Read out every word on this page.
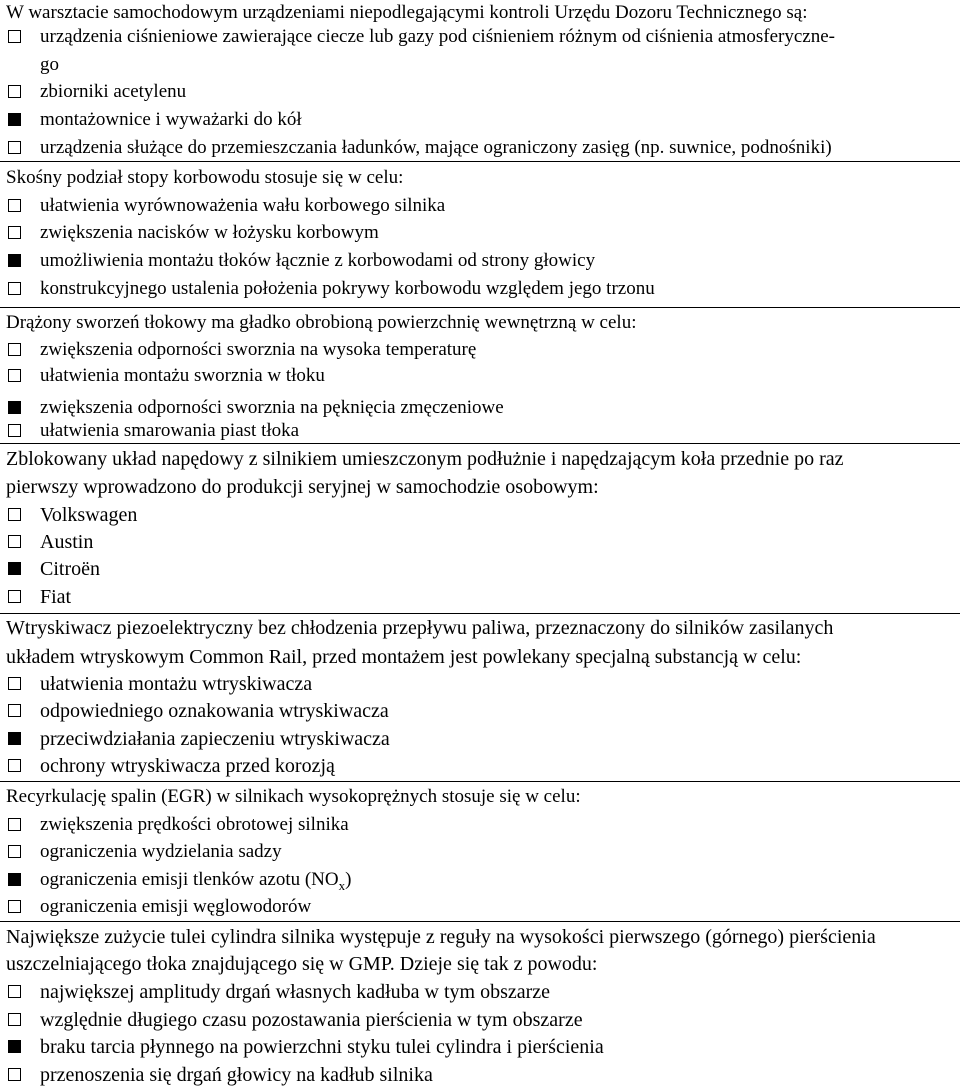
W warsztacie samochodowym urządzeniami niepodlegającymi kontroli Urzędu Dozoru Technicznego są:
urządzenia ciśnieniowe zawierające ciecze lub gazy pod ciśnieniem różnym od ciśnienia atmosferyczne-
go
zbiorniki acetylenu
montażownice i wyważarki do kół
urządzenia służące do przemieszczania ładunków, mające ograniczony zasięg (np. suwnice, podnośniki)
Skośny podział stopy korbowodu stosuje się w celu:
ułatwienia wyrównoważenia wału korbowego silnika
zwiększenia nacisków w łożysku korbowym
umożliwienia montażu tłoków łącznie z korbowodami od strony głowicy
konstrukcyjnego ustalenia położenia pokrywy korbowodu względem jego trzonu
Drążony sworzeń tłokowy ma gładko obrobioną powierzchnię wewnętrzną w celu:
zwiększenia odporności sworznia na wysoka temperaturę
ułatwienia montażu sworznia w tłoku
zwiększenia odporności sworznia na pęknięcia zmęczeniowe
ułatwienia smarowania piast tłoka
Zblokowany układ napędowy z silnikiem umieszczonym podłużnie i napędzającym koła przednie po raz
pierwszy wprowadzono do produkcji seryjnej w samochodzie osobowym:
Volkswagen
Austin
Citroën
Fiat
Wtryskiwacz piezoelektryczny bez chłodzenia przepływu paliwa, przeznaczony do silników zasilanych
układem wtryskowym Common Rail, przed montażem jest powlekany specjalną substancją w celu:
ułatwienia montażu wtryskiwacza
odpowiedniego oznakowania wtryskiwacza
przeciwdziałania zapieczeniu wtryskiwacza
ochrony wtryskiwacza przed korozją
Recyrkulację spalin (EGR) w silnikach wysokoprężnych stosuje się w celu:
zwiększenia prędkości obrotowej silnika
ograniczenia wydzielania sadzy
ograniczenia emisji tlenków azotu $(NO_x)$
ograniczenia emisji węglowodorów
Największe zużycie tulei cylindra silnika występuje z reguły na wysokości pierwszego (górnego) pierścienia
uszczelniającego tłoka znajdującego się w GMP. Dzieje się tak z powodu:
największej amplitudy drgań własnych kadłuba w tym obszarze
względnie długiego czasu pozostawania pierścienia w tym obszarze
braku tarcia płynnego na powierzchni styku tulei cylindra i pierścienia
przenoszenia się drgań głowicy na kadłub silnika
